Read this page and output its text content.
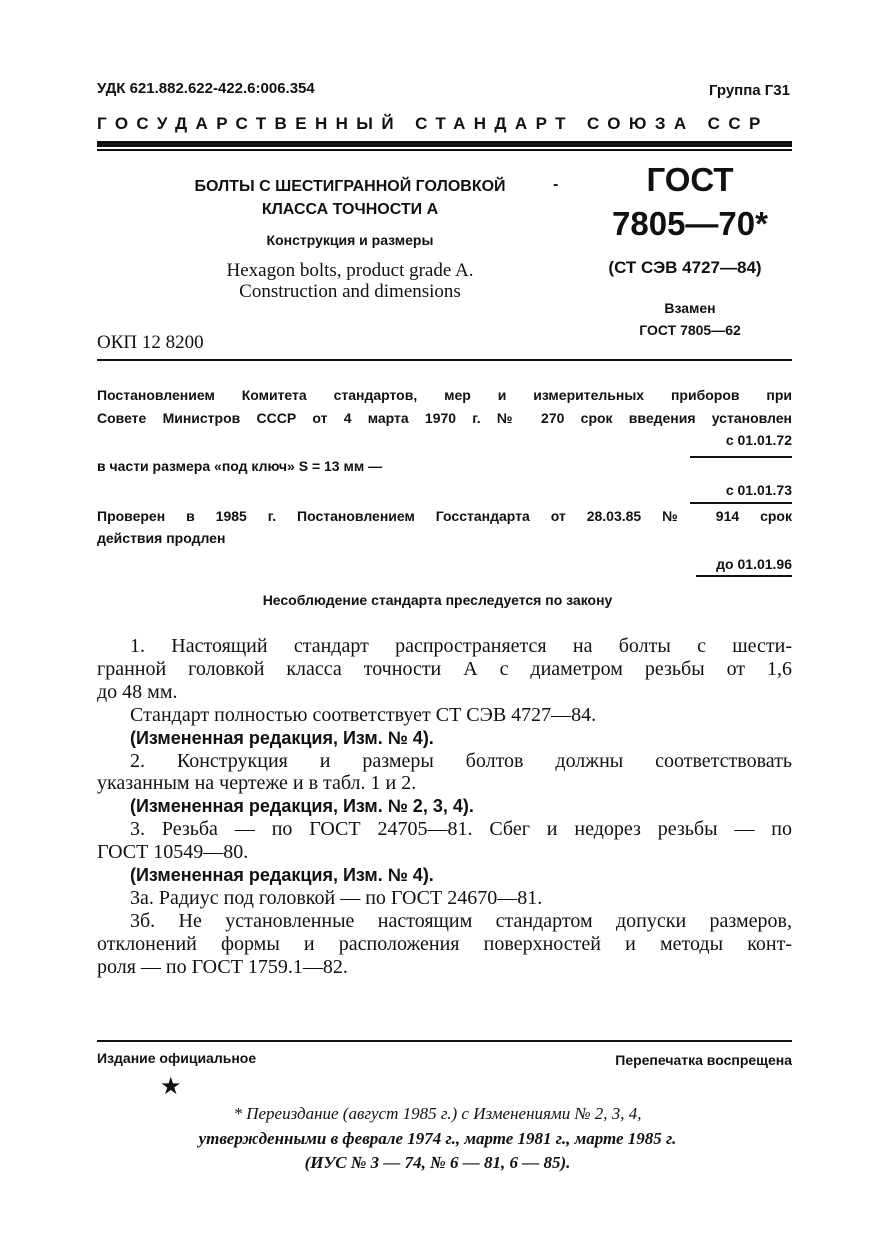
УДК 621.882.622-422.6:006.354	Группа Г31
ГОСУДАРСТВЕННЫЙ СТАНДАРТ СОЮЗА ССР
БОЛТЫ С ШЕСТИГРАННОЙ ГОЛОВКОЙ
КЛАССА ТОЧНОСТИ А
Конструкция и размеры
Hexagon bolts, product grade A.
Construction and dimensions
-	ГОСТ
7805—70*
(СТ СЭВ 4727—84)
Взамен
ГОСТ 7805—62
ОКП 12 8200
Постановлением Комитета стандартов, мер и измерительных приборов при
Совете Министров СССР от 4 марта 1970 г. № 270 срок введения установлен
с 01.01.72
в части размера «под ключ» S = 13 мм —
с 01.01.73
Проверен в 1985 г. Постановлением Госстандарта от 28.03.85 № 914 срок
действия продлен
до 01.01.96
Несоблюдение стандарта преследуется по закону
1. Настоящий стандарт распространяется на болты с шести-
гранной головкой класса точности А с диаметром резьбы от 1,6
до 48 мм.
Стандарт полностью соответствует СТ СЭВ 4727—84.
(Измененная редакция, Изм. № 4).
2. Конструкция и размеры болтов должны соответствовать
указанным на чертеже и в табл. 1 и 2.
(Измененная редакция, Изм. № 2, 3, 4).
3. Резьба — по ГОСТ 24705—81. Сбег и недорез резьбы — по
ГОСТ 10549—80.
(Измененная редакция, Изм. № 4).
3а. Радиус под головкой — по ГОСТ 24670—81.
3б. Не установленные настоящим стандартом допуски размеров,
отклонений формы и расположения поверхностей и методы конт-
роля — по ГОСТ 1759.1—82.
Издание официальное	Перепечатка воспрещена
★
* Переиздание (август 1985 г.) с Изменениями № 2, 3, 4,
утвержденными в феврале 1974 г., марте 1981 г., марте 1985 г.
(ИУС № 3 — 74, № 6 — 81, 6 — 85).
